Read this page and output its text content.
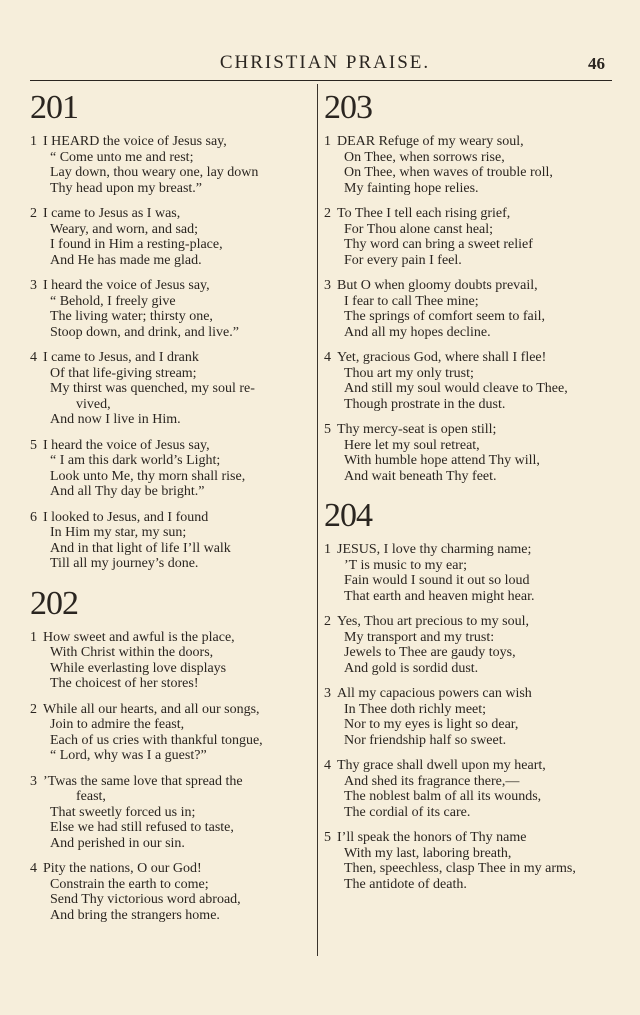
CHRISTIAN PRAISE.	46
201
1 I HEARD the voice of Jesus say,
“ Come unto me and rest;
Lay down, thou weary one, lay down
Thy head upon my breast.”
2 I came to Jesus as I was,
Weary, and worn, and sad;
I found in Him a resting-place,
And He has made me glad.
3 I heard the voice of Jesus say,
“ Behold, I freely give
The living water; thirsty one,
Stoop down, and drink, and live.”
4 I came to Jesus, and I drank
Of that life-giving stream;
My thirst was quenched, my soul re-
vived,
And now I live in Him.
5 I heard the voice of Jesus say,
“ I am this dark world’s Light;
Look unto Me, thy morn shall rise,
And all Thy day be bright.”
6 I looked to Jesus, and I found
In Him my star, my sun;
And in that light of life I’ll walk
Till all my journey’s done.
202
1 How sweet and awful is the place,
With Christ within the doors,
While everlasting love displays
The choicest of her stores!
2 While all our hearts, and all our songs,
Join to admire the feast,
Each of us cries with thankful tongue,
“ Lord, why was I a guest?”
3 ’Twas the same love that spread the
feast,
That sweetly forced us in;
Else we had still refused to taste,
And perished in our sin.
4 Pity the nations, O our God!
Constrain the earth to come;
Send Thy victorious word abroad,
And bring the strangers home.
203
1 DEAR Refuge of my weary soul,
On Thee, when sorrows rise,
On Thee, when waves of trouble roll,
My fainting hope relies.
2 To Thee I tell each rising grief,
For Thou alone canst heal;
Thy word can bring a sweet relief
For every pain I feel.
3 But O when gloomy doubts prevail,
I fear to call Thee mine;
The springs of comfort seem to fail,
And all my hopes decline.
4 Yet, gracious God, where shall I flee!
Thou art my only trust;
And still my soul would cleave to Thee,
Though prostrate in the dust.
5 Thy mercy-seat is open still;
Here let my soul retreat,
With humble hope attend Thy will,
And wait beneath Thy feet.
204
1 JESUS, I love thy charming name;
’T is music to my ear;
Fain would I sound it out so loud
That earth and heaven might hear.
2 Yes, Thou art precious to my soul,
My transport and my trust:
Jewels to Thee are gaudy toys,
And gold is sordid dust.
3 All my capacious powers can wish
In Thee doth richly meet;
Nor to my eyes is light so dear,
Nor friendship half so sweet.
4 Thy grace shall dwell upon my heart,
And shed its fragrance there,—
The noblest balm of all its wounds,
The cordial of its care.
5 I’ll speak the honors of Thy name
With my last, laboring breath,
Then, speechless, clasp Thee in my arms,
The antidote of death.
